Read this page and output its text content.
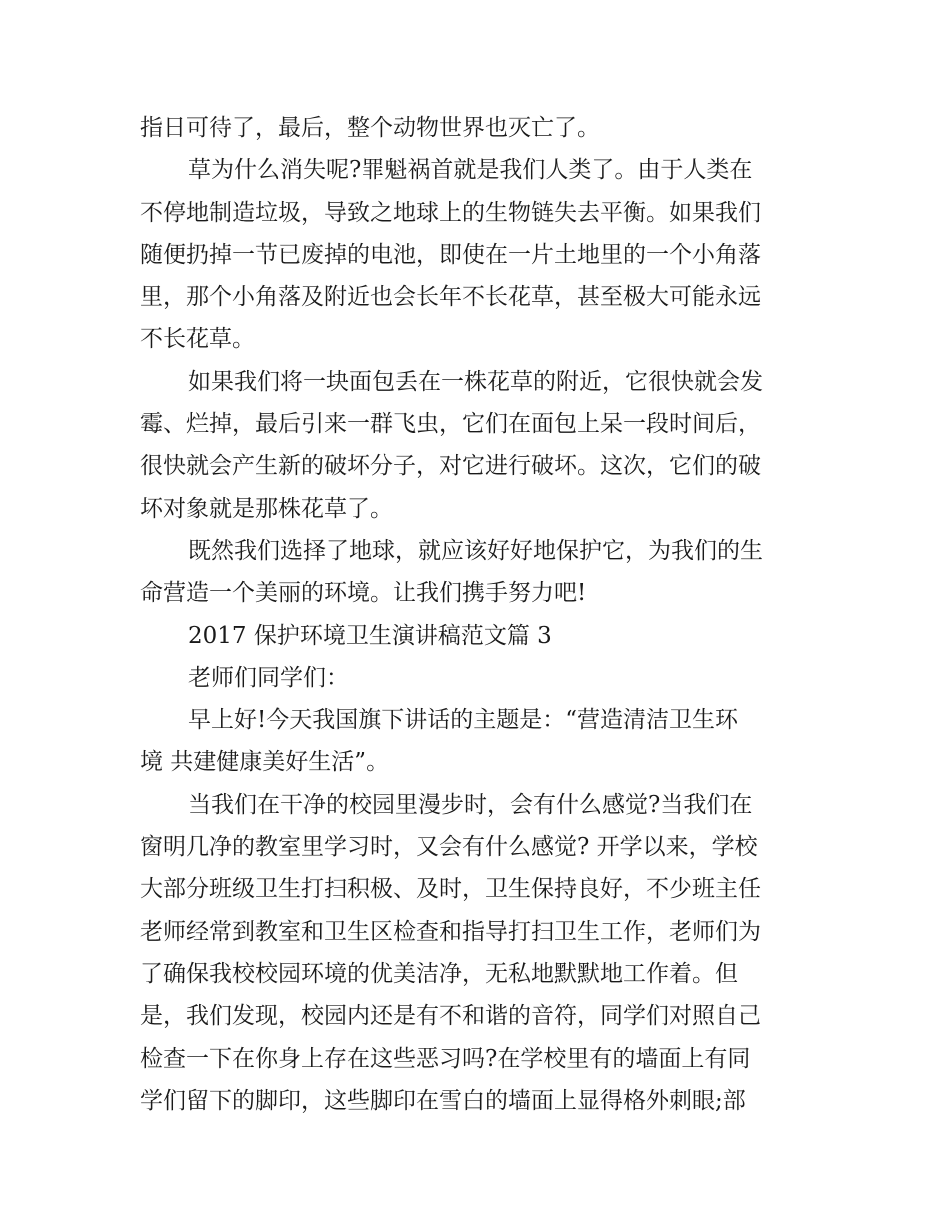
指日可待了，最后，整个动物世界也灭亡了。
草为什么消失呢?罪魁祸首就是我们人类了。由于人类在
不停地制造垃圾，导致之地球上的生物链失去平衡。如果我们
随便扔掉一节已废掉的电池，即使在一片土地里的一个小角落
里，那个小角落及附近也会长年不长花草，甚至极大可能永远
不长花草。
如果我们将一块面包丢在一株花草的附近，它很快就会发
霉、烂掉，最后引来一群飞虫，它们在面包上呆一段时间后，
很快就会产生新的破坏分子，对它进行破坏。这次，它们的破
坏对象就是那株花草了。
既然我们选择了地球，就应该好好地保护它，为我们的生
命营造一个美丽的环境。让我们携手努力吧!
2017 保护环境卫生演讲稿范文篇 3
老师们同学们：
早上好!今天我国旗下讲话的主题是：“营造清洁卫生环
境 共建健康美好生活”。
当我们在干净的校园里漫步时，会有什么感觉?当我们在
窗明几净的教室里学习时，又会有什么感觉? 开学以来，学校
大部分班级卫生打扫积极、及时，卫生保持良好，不少班主任
老师经常到教室和卫生区检查和指导打扫卫生工作，老师们为
了确保我校校园环境的优美洁净，无私地默默地工作着。但
是，我们发现，校园内还是有不和谐的音符，同学们对照自己
检查一下在你身上存在这些恶习吗?在学校里有的墙面上有同
学们留下的脚印，这些脚印在雪白的墙面上显得格外刺眼;部
